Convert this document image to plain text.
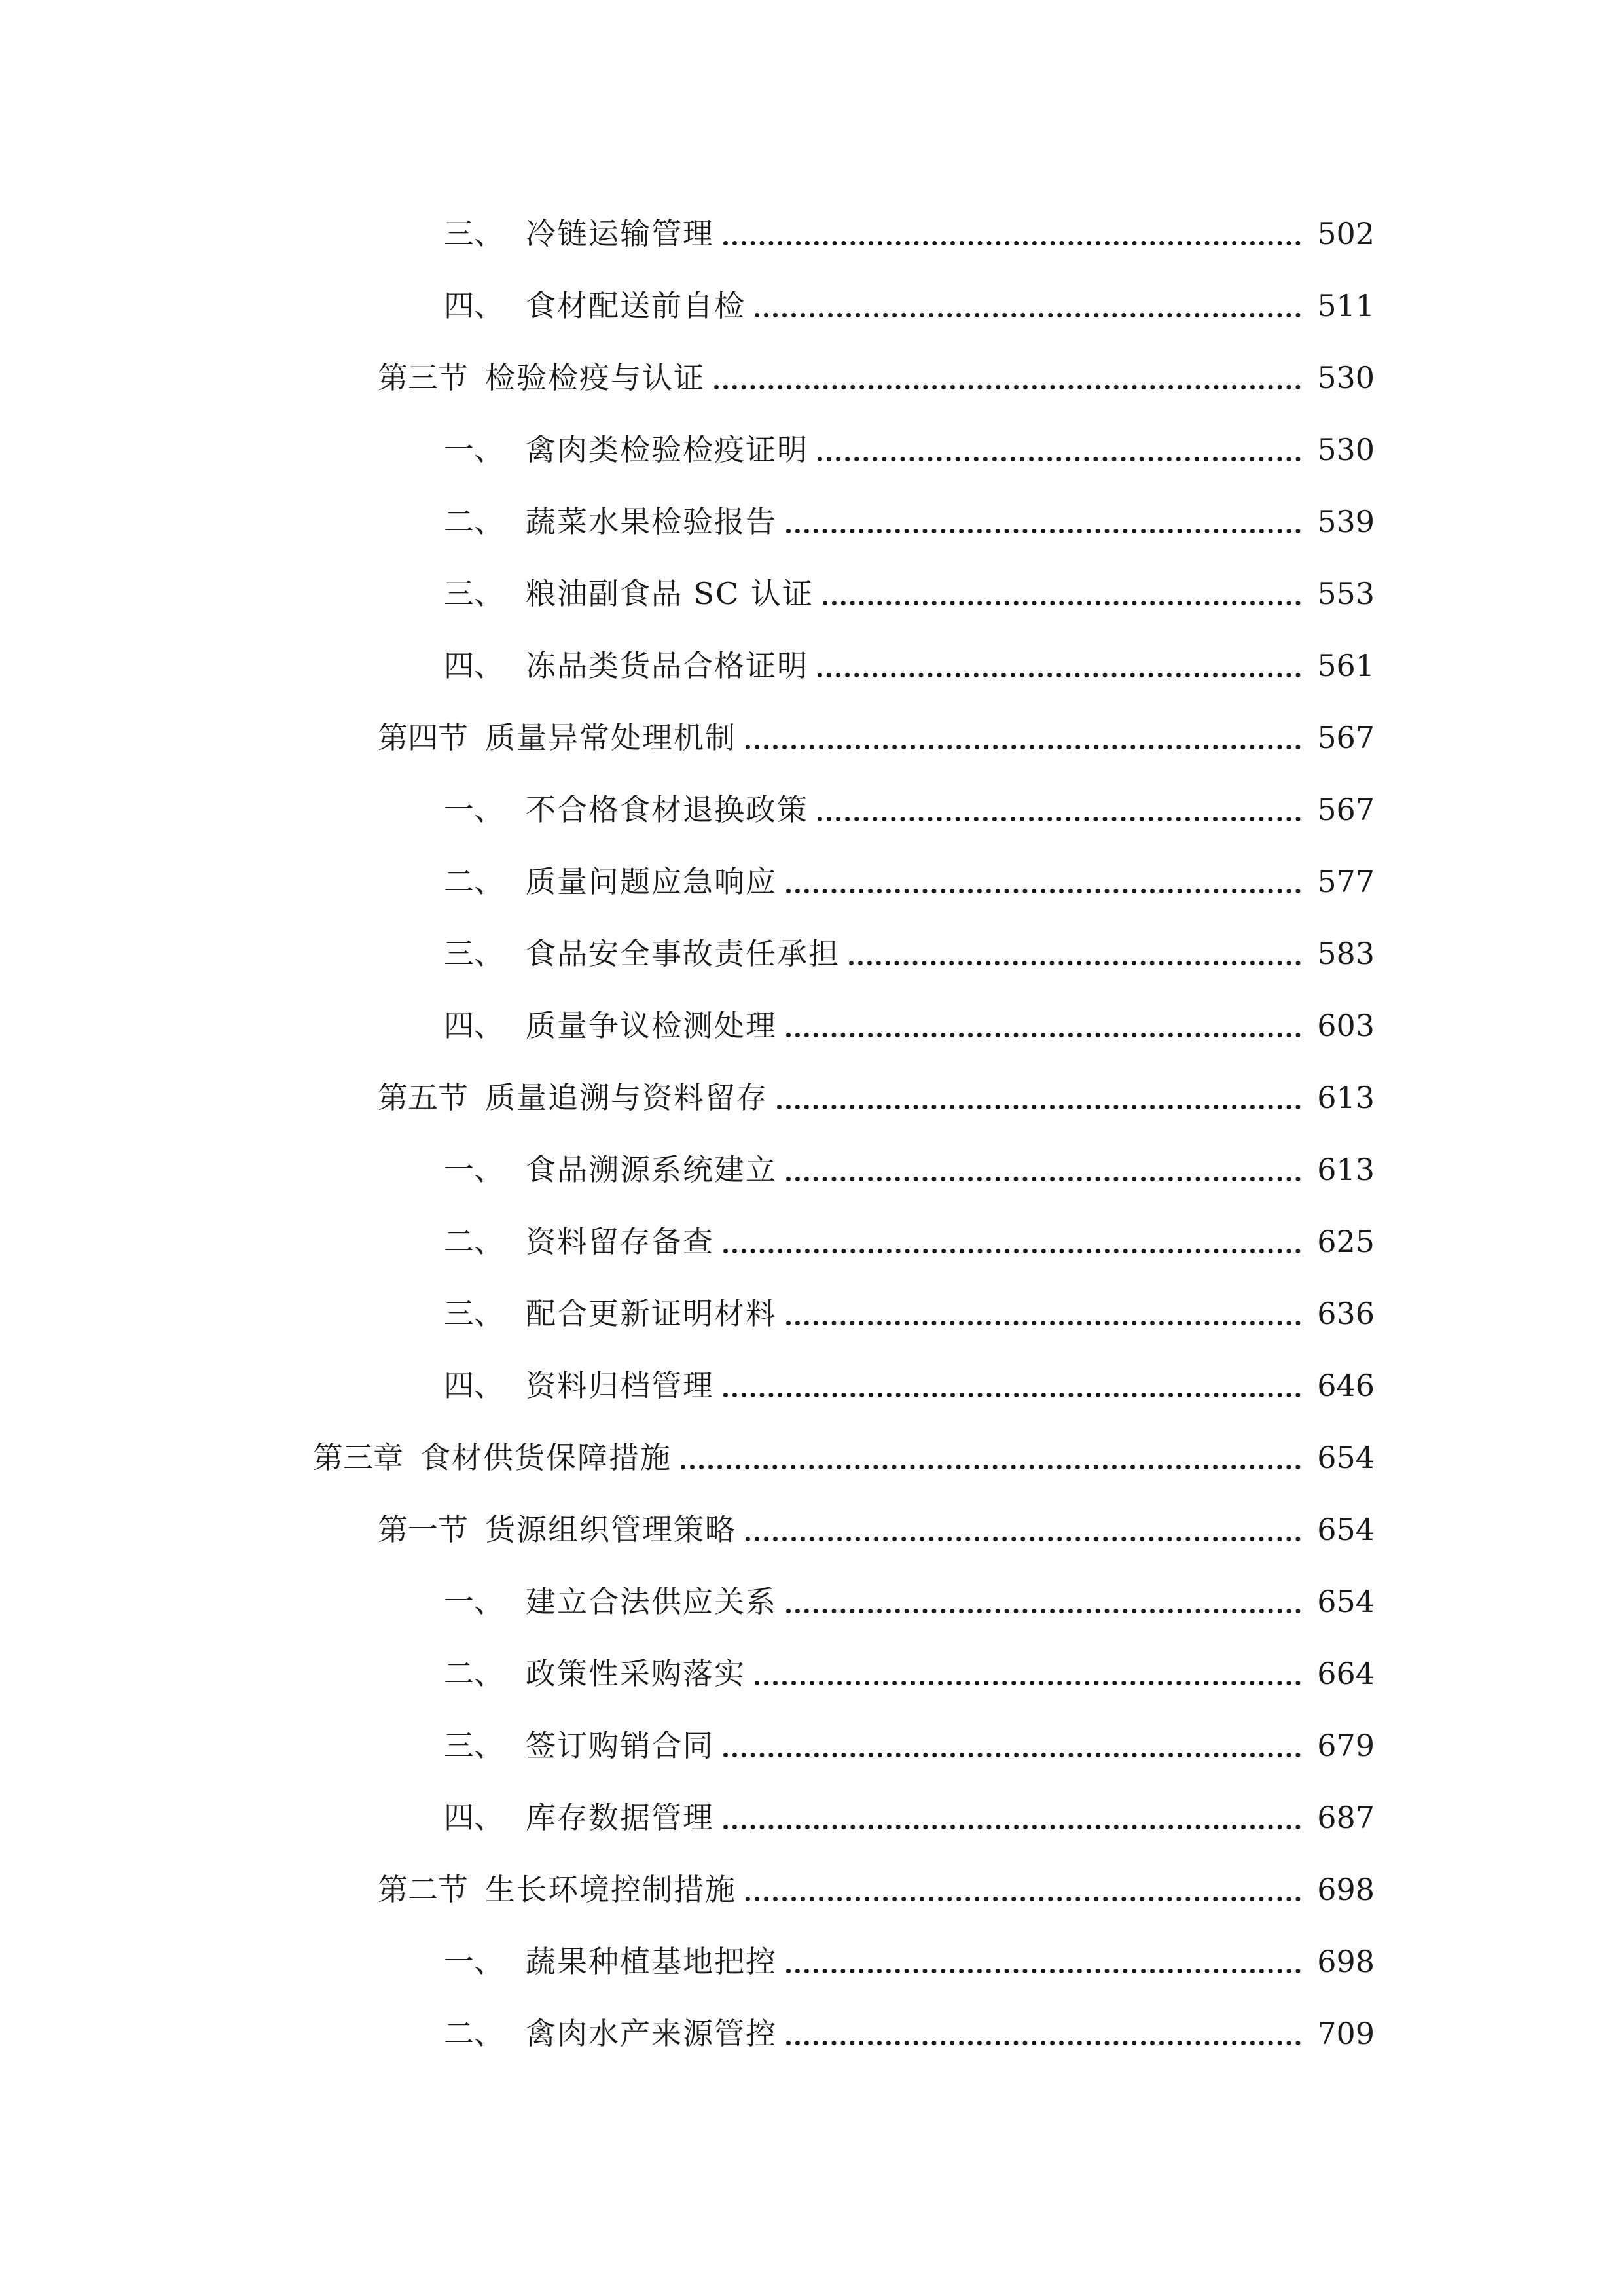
三、 冷链运输管理	502
四、 食材配送前自检	511
第三节 检验检疫与认证	530
一、 禽肉类检验检疫证明	530
二、 蔬菜水果检验报告	539
三、 粮油副食品 SC 认证	553
四、 冻品类货品合格证明	561
第四节 质量异常处理机制	567
一、 不合格食材退换政策	567
二、 质量问题应急响应	577
三、 食品安全事故责任承担	583
四、 质量争议检测处理	603
第五节 质量追溯与资料留存	613
一、 食品溯源系统建立	613
二、 资料留存备查	625
三、 配合更新证明材料	636
四、 资料归档管理	646
第三章 食材供货保障措施	654
第一节 货源组织管理策略	654
一、 建立合法供应关系	654
二、 政策性采购落实	664
三、 签订购销合同	679
四、 库存数据管理	687
第二节 生长环境控制措施	698
一、 蔬果种植基地把控	698
二、 禽肉水产来源管控	709
